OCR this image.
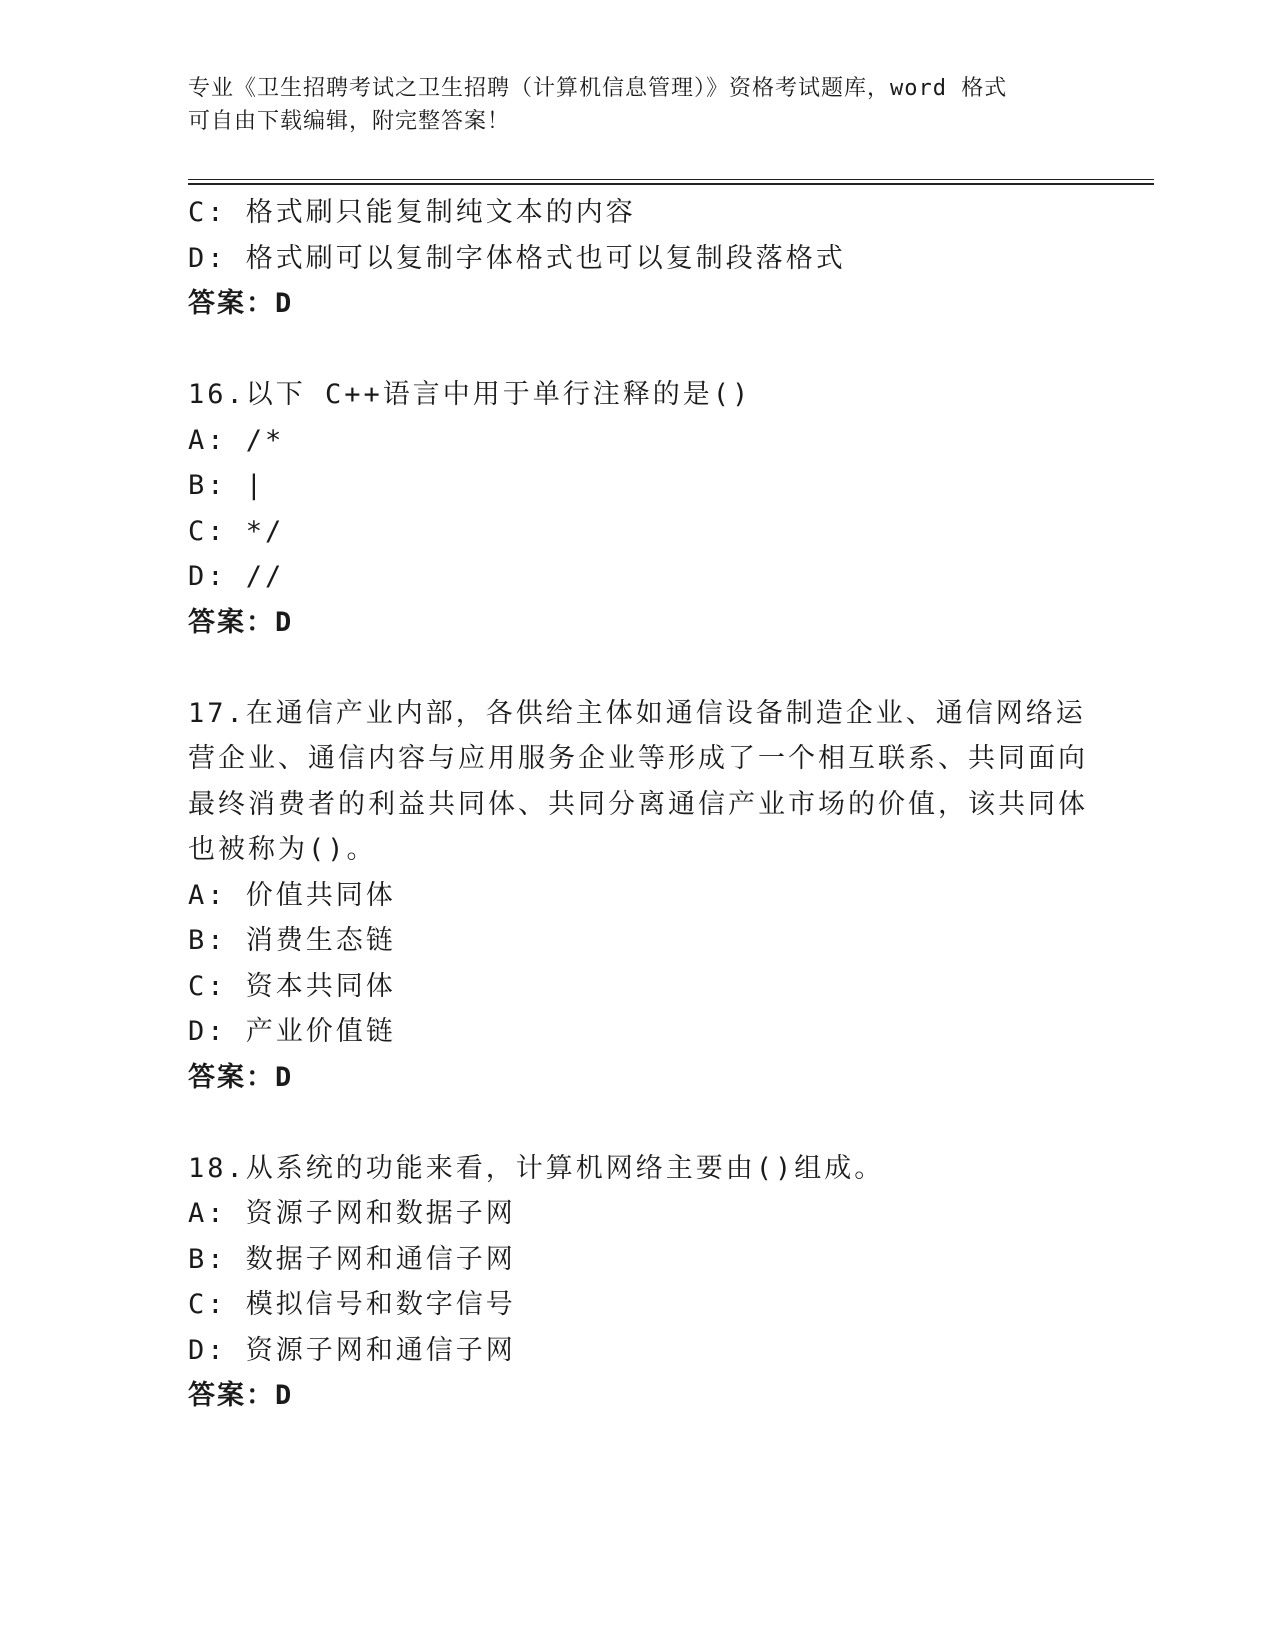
专业《卫生招聘考试之卫生招聘（计算机信息管理）》资格考试题库，word 格式
可自由下载编辑，附完整答案！
C: 格式刷只能复制纯文本的内容
D: 格式刷可以复制字体格式也可以复制段落格式
答案：D
16.以下 C++语言中用于单行注释的是()
A: /*
B: |
C: */
D: //
答案：D
17.在通信产业内部，各供给主体如通信设备制造企业、通信网络运营企业、通信内容与应用服务企业等形成了一个相互联系、共同面向最终消费者的利益共同体、共同分离通信产业市场的价值，该共同体也被称为()。
A: 价值共同体
B: 消费生态链
C: 资本共同体
D: 产业价值链
答案：D
18.从系统的功能来看，计算机网络主要由()组成。
A: 资源子网和数据子网
B: 数据子网和通信子网
C: 模拟信号和数字信号
D: 资源子网和通信子网
答案：D
